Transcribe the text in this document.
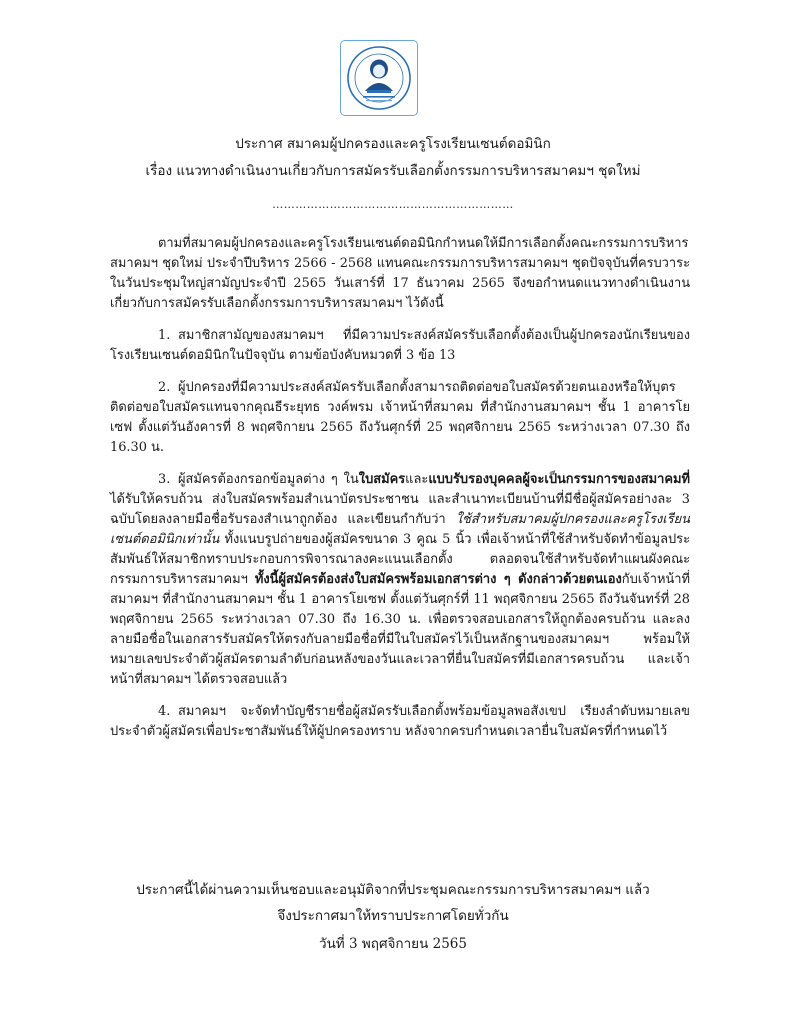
ประกาศ สมาคมผู้ปกครองและครูโรงเรียนเซนต์ดอมินิก
เรื่อง แนวทางดำเนินงานเกี่ยวกับการสมัครรับเลือกตั้งกรรมการบริหารสมาคมฯ ชุดใหม่
………………………………………………………

ตามที่สมาคมผู้ปกครองและครูโรงเรียนเซนต์ดอมินิกกำหนดให้มีการเลือกตั้งคณะกรรมการบริหารสมาคมฯ ชุดใหม่ ประจำปีบริหาร 2566 - 2568 แทนคณะกรรมการบริหารสมาคมฯ ชุดปัจจุบันที่ครบวาระ ในวันประชุมใหญ่สามัญประจำปี 2565 วันเสาร์ที่ 17 ธันวาคม 2565 จึงขอกำหนดแนวทางดำเนินงานเกี่ยวกับการสมัครรับเลือกตั้งกรรมการบริหารสมาคมฯ ไว้ดังนี้

1. สมาชิกสามัญของสมาคมฯ ที่มีความประสงค์สมัครรับเลือกตั้งต้องเป็นผู้ปกครองนักเรียนของโรงเรียนเซนต์ดอมินิกในปัจจุบัน ตามข้อบังคับหมวดที่ 3 ข้อ 13

2. ผู้ปกครองที่มีความประสงค์สมัครรับเลือกตั้งสามารถติดต่อขอใบสมัครด้วยตนเองหรือให้บุตรติดต่อขอใบสมัครแทนจากคุณธีระยุทธ วงค์พรม เจ้าหน้าที่สมาคม ที่สำนักงานสมาคมฯ ชั้น 1 อาคารโยเซฟ ตั้งแต่วันอังคารที่ 8 พฤศจิกายน 2565 ถึงวันศุกร์ที่ 25 พฤศจิกายน 2565 ระหว่างเวลา 07.30 ถึง 16.30 น.

3. ผู้สมัครต้องกรอกข้อมูลต่าง ๆ ในใบสมัครและแบบรับรองบุคคลผู้จะเป็นกรรมการของสมาคมที่ได้รับให้ครบถ้วน ส่งใบสมัครพร้อมสำเนาบัตรประชาชน และสำเนาทะเบียนบ้านที่มีชื่อผู้สมัครอย่างละ 3 ฉบับโดยลงลายมือชื่อรับรองสำเนาถูกต้อง และเขียนกำกับว่า ใช้สำหรับสมาคมผู้ปกครองและครูโรงเรียนเซนต์ดอมินิกเท่านั้น ทั้งแนบรูปถ่ายของผู้สมัครขนาด 3 คูณ 5 นิ้ว เพื่อเจ้าหน้าที่ใช้สำหรับจัดทำข้อมูลประสัมพันธ์ให้สมาชิกทราบประกอบการพิจารณาลงคะแนนเลือกตั้ง ตลอดจนใช้สำหรับจัดทำแผนผังคณะกรรมการบริหารสมาคมฯ ทั้งนี้ผู้สมัครต้องส่งใบสมัครพร้อมเอกสารต่าง ๆ ดังกล่าวด้วยตนเองกับเจ้าหน้าที่สมาคมฯ ที่สำนักงานสมาคมฯ ชั้น 1 อาคารโยเซฟ ตั้งแต่วันศุกร์ที่ 11 พฤศจิกายน 2565 ถึงวันจันทร์ที่ 28 พฤศจิกายน 2565 ระหว่างเวลา 07.30 ถึง 16.30 น. เพื่อตรวจสอบเอกสารให้ถูกต้องครบถ้วน และลงลายมือชื่อในเอกสารรับสมัครให้ตรงกับลายมือชื่อที่มีในใบสมัครไว้เป็นหลักฐานของสมาคมฯ พร้อมให้หมายเลขประจำตัวผู้สมัครตามลำดับก่อนหลังของวันและเวลาที่ยื่นใบสมัครที่มีเอกสารครบถ้วน และเจ้าหน้าที่สมาคมฯ ได้ตรวจสอบแล้ว

4. สมาคมฯ จะจัดทำบัญชีรายชื่อผู้สมัครรับเลือกตั้งพร้อมข้อมูลพอสังเขป เรียงลำดับหมายเลขประจำตัวผู้สมัครเพื่อประชาสัมพันธ์ให้ผู้ปกครองทราบ หลังจากครบกำหนดเวลายื่นใบสมัครที่กำหนดไว้

ประกาศนี้ได้ผ่านความเห็นชอบและอนุมัติจากที่ประชุมคณะกรรมการบริหารสมาคมฯ แล้ว
จึงประกาศมาให้ทราบประกาศโดยทั่วกัน
วันที่ 3 พฤศจิกายน 2565
